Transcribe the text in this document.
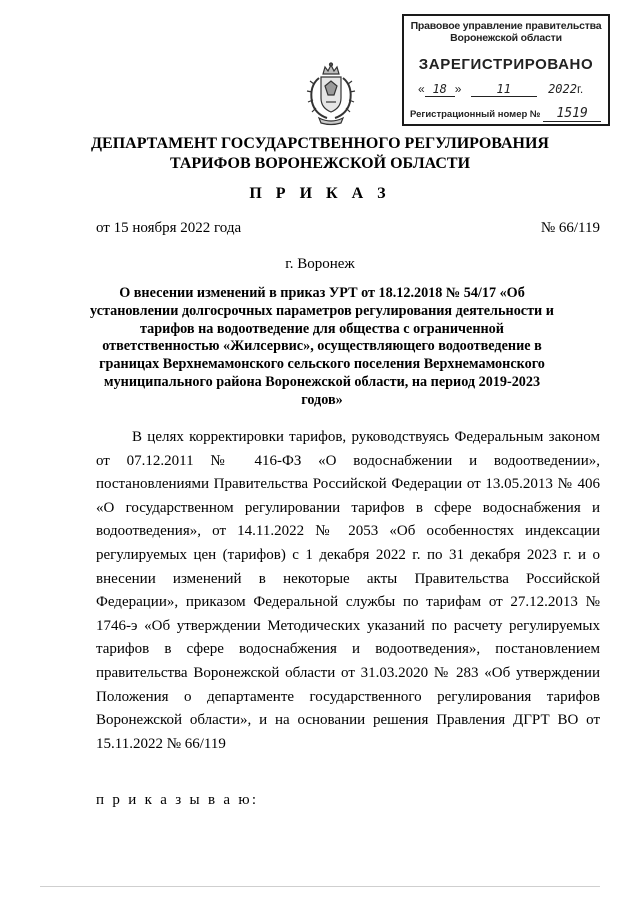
Правовое управление правительства Воронежской области
ЗАРЕГИСТРИРОВАНО
« 18 »	11	2022г.
Регистрационный номер № 1519
ДЕПАРТАМЕНТ ГОСУДАРСТВЕННОГО РЕГУЛИРОВАНИЯ ТАРИФОВ ВОРОНЕЖСКОЙ ОБЛАСТИ
П Р И К А З
от 15 ноября 2022 года	№ 66/119
г. Воронеж
О внесении изменений в приказ УРТ от 18.12.2018 № 54/17 «Об установлении долгосрочных параметров регулирования деятельности и тарифов на водоотведение для общества с ограниченной ответственностью «Жилсервис», осуществляющего водоотведение в границах Верхнемамонского сельского поселения Верхнемамонского муниципального района Воронежской области, на период 2019-2023 годов»

В целях корректировки тарифов, руководствуясь Федеральным законом от 07.12.2011 № 416-ФЗ «О водоснабжении и водоотведении», постановлениями Правительства Российской Федерации от 13.05.2013 № 406 «О государственном регулировании тарифов в сфере водоснабжения и водоотведения», от 14.11.2022 № 2053 «Об особенностях индексации регулируемых цен (тарифов) с 1 декабря 2022 г. по 31 декабря 2023 г. и о внесении изменений в некоторые акты Правительства Российской Федерации», приказом Федеральной службы по тарифам от 27.12.2013 № 1746-э «Об утверждении Методических указаний по расчету регулируемых тарифов в сфере водоснабжения и водоотведения», постановлением правительства Воронежской области от 31.03.2020 № 283 «Об утверждении Положения о департаменте государственного регулирования тарифов Воронежской области», и на основании решения Правления ДГРТ ВО от 15.11.2022 № 66/119

п р и к а з ы в а ю:
